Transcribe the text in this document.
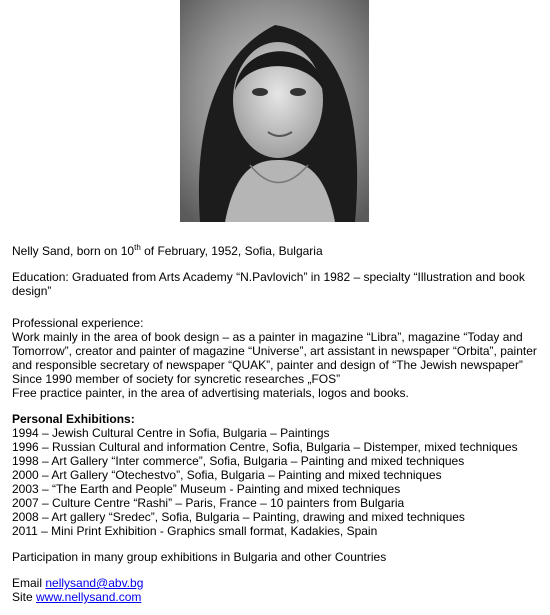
Nelly Sand, born on 10th of February, 1952, Sofia, Bulgaria

Education: Graduated from Arts Academy “N.Pavlovich” in 1982 – specialty “Illustration and book design”

Professional experience:

Work mainly in the area of book design – as a painter in magazine “Libra”, magazine “Today and Tomorrow”, creator and painter of magazine “Universe”, art assistant in newspaper “Orbita”, painter and responsible secretary of newspaper “QUAK”, painter and design of “The Jewish newspaper”

Since 1990 member of society for syncretic researches „FOS”

Free practice painter, in the area of advertising materials, logos and books.

Personal Exhibitions:

1994 – Jewish Cultural Centre in Sofia, Bulgaria – Paintings

1996 – Russian Cultural and information Centre, Sofia, Bulgaria – Distemper, mixed techniques

1998 – Art Gallery “Inter commerce”, Sofia, Bulgaria – Painting and mixed techniques

2000 – Art Gallery “Otechestvo”, Sofia, Bulgaria – Painting and mixed techniques

2003 – “The Earth and People” Museum - Painting and mixed techniques

2007 – Culture Centre “Rashi” – Paris, France – 10 painters from Bulgaria

2008 – Art gallery “Sredec”, Sofia, Bulgaria – Painting, drawing and mixed techniques

2011 – Mini Print Exhibition - Graphics small format, Kadakies, Spain

Participation in many group exhibitions in Bulgaria and other Countries

Email nellysand@abv.bg

Site www.nellysand.com
